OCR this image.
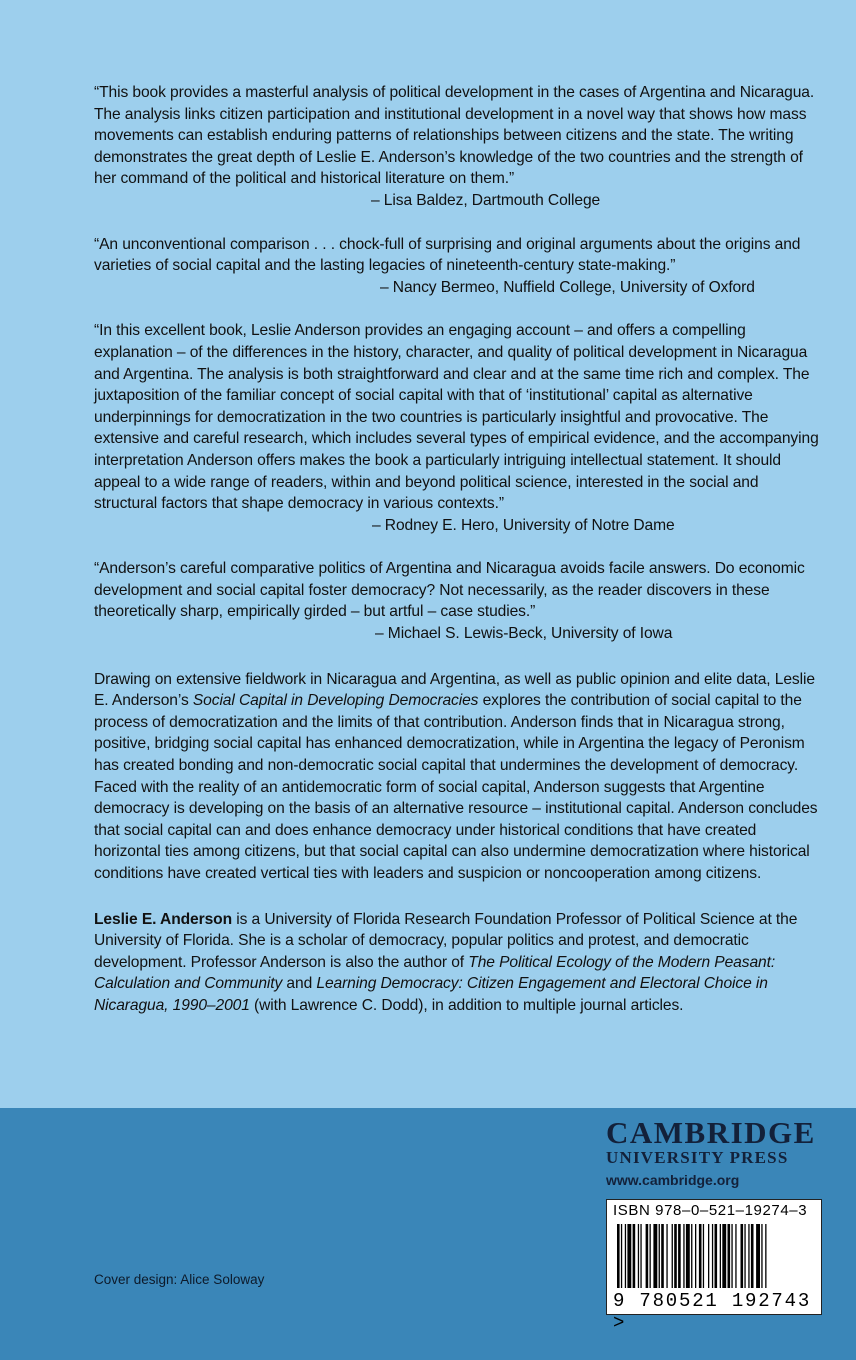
“This book provides a masterful analysis of political development in the cases of Argentina and Nicaragua. The analysis links citizen participation and institutional development in a novel way that shows how mass movements can establish enduring patterns of relationships between citizens and the state. The writing demonstrates the great depth of Leslie E. Anderson’s knowledge of the two countries and the strength of her command of the political and historical literature on them.”

– Lisa Baldez, Dartmouth College

“An unconventional comparison . . . chock-full of surprising and original arguments about the origins and varieties of social capital and the lasting legacies of nineteenth-century state-making.”

– Nancy Bermeo, Nuffield College, University of Oxford

“In this excellent book, Leslie Anderson provides an engaging account – and offers a compelling explanation – of the differences in the history, character, and quality of political development in Nicaragua and Argentina. The analysis is both straightforward and clear and at the same time rich and complex. The juxtaposition of the familiar concept of social capital with that of ‘institutional’ capital as alternative underpinnings for democratization in the two countries is particularly insightful and provocative. The extensive and careful research, which includes several types of empirical evidence, and the accompanying interpretation Anderson offers makes the book a particularly intriguing intellectual statement. It should appeal to a wide range of readers, within and beyond political science, interested in the social and structural factors that shape democracy in various contexts.”

– Rodney E. Hero, University of Notre Dame

“Anderson’s careful comparative politics of Argentina and Nicaragua avoids facile answers. Do economic development and social capital foster democracy? Not necessarily, as the reader discovers in these theoretically sharp, empirically girded – but artful – case studies.”

– Michael S. Lewis-Beck, University of Iowa

Drawing on extensive fieldwork in Nicaragua and Argentina, as well as public opinion and elite data, Leslie E. Anderson’s Social Capital in Developing Democracies explores the contribution of social capital to the process of democratization and the limits of that contribution. Anderson finds that in Nicaragua strong, positive, bridging social capital has enhanced democratization, while in Argentina the legacy of Peronism has created bonding and non-democratic social capital that undermines the development of democracy. Faced with the reality of an antidemocratic form of social capital, Anderson suggests that Argentine democracy is developing on the basis of an alternative resource – institutional capital. Anderson concludes that social capital can and does enhance democracy under historical conditions that have created horizontal ties among citizens, but that social capital can also undermine democratization where historical conditions have created vertical ties with leaders and suspicion or noncooperation among citizens.

Leslie E. Anderson is a University of Florida Research Foundation Professor of Political Science at the University of Florida. She is a scholar of democracy, popular politics and protest, and democratic development. Professor Anderson is also the author of The Political Ecology of the Modern Peasant: Calculation and Community and Learning Democracy: Citizen Engagement and Electoral Choice in Nicaragua, 1990–2001 (with Lawrence C. Dodd), in addition to multiple journal articles.

CAMBRIDGE
UNIVERSITY PRESS
www.cambridge.org
ISBN 978–0–521–19274–3
9 780521 192743 >
Cover design: Alice Soloway
